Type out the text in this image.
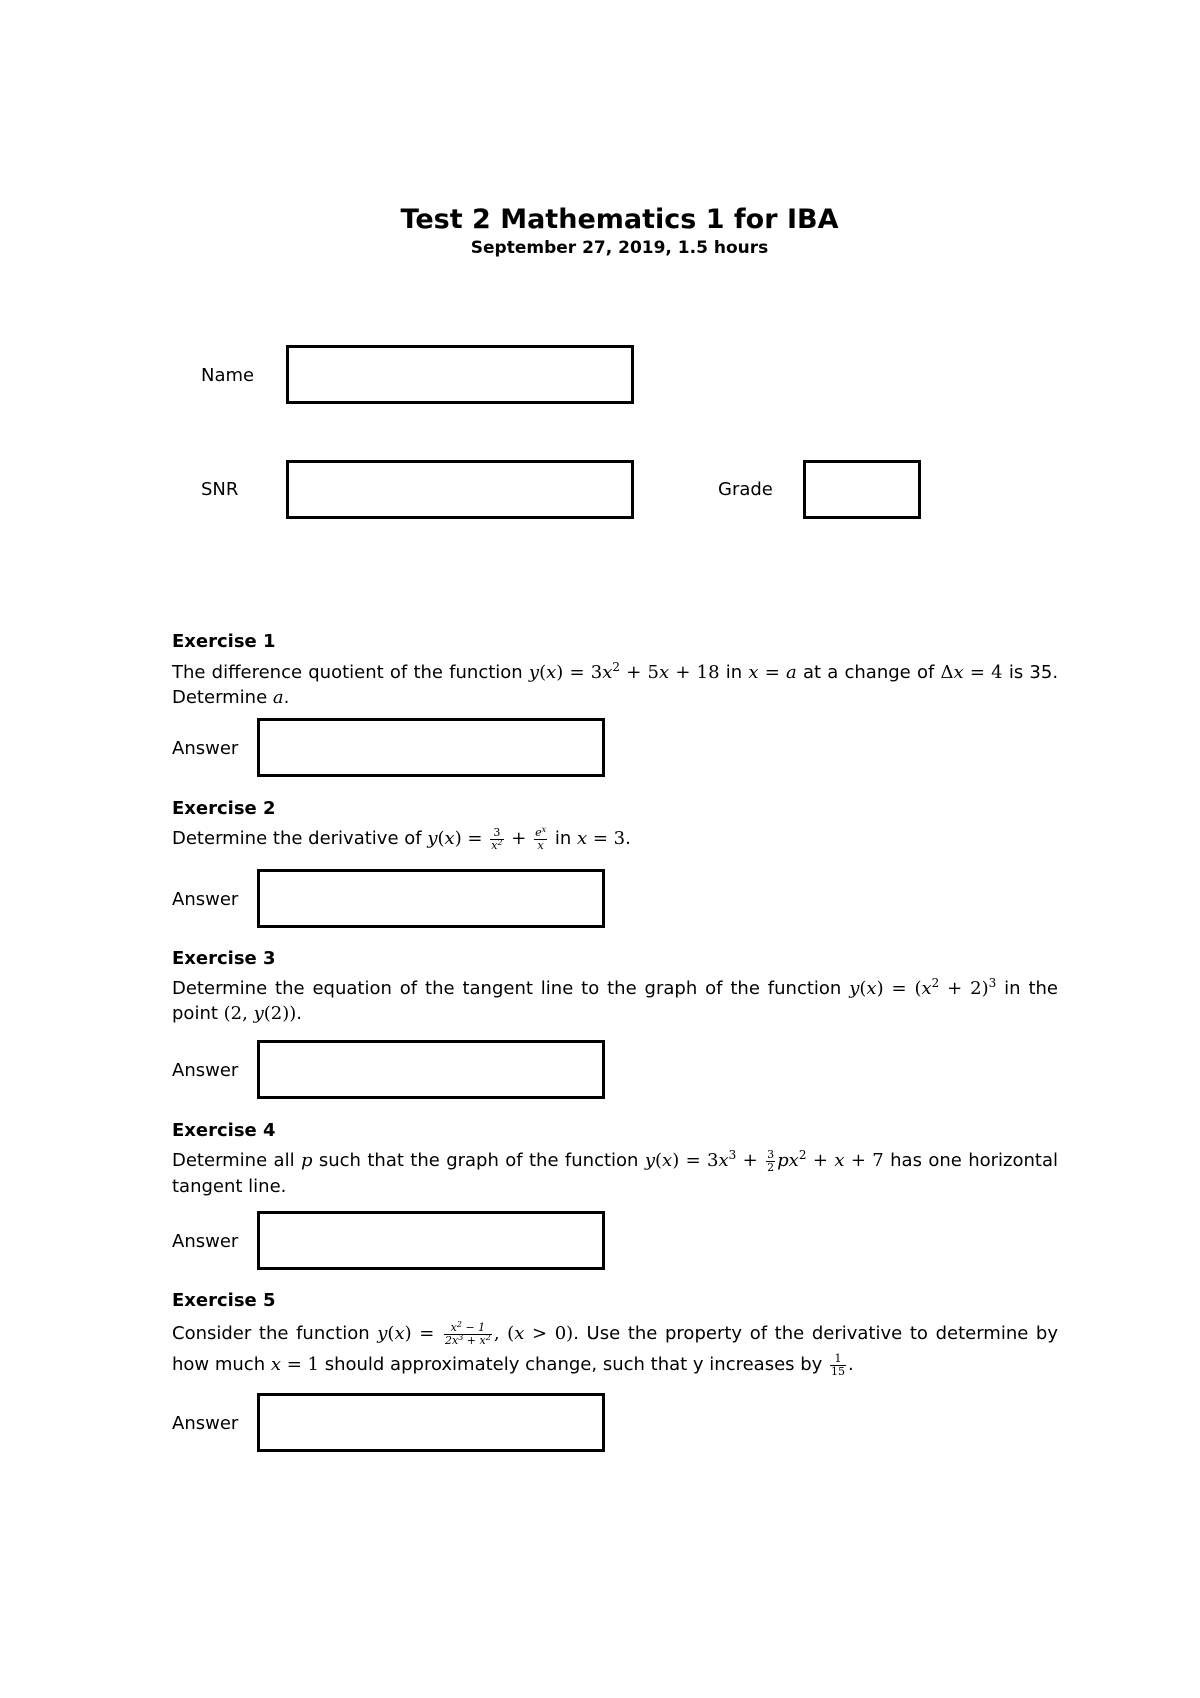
Test 2 Mathematics 1 for IBA
September 27, 2019, 1.5 hours
Name
SNR	Grade
Exercise 1
The difference quotient of the function $y(x) = 3x^2 + 5x + 18$ in x = a at a change of Δx = 4 is 35. Determine a.
Answer
Exercise 2
Determine the derivative of $y(x) = \frac{3}{x^2} + \frac{e^x}{x}$ in x = 3.
Answer
Exercise 3
Determine the equation of the tangent line to the graph of the function $y(x) = (x^2 + 2)^3$ in the point (2, y(2)).
Answer
Exercise 4
Determine all p such that the graph of the function $y(x) = 3x^3 + \frac{3}{2} px^2 + x + 7$ has one horizontal tangent line.
Answer
Exercise 5
Consider the function $y(x) = \frac{x^2 - 1}{2x^3 + x^2}$ , (x > 0). Use the property of the derivative to determine by how much x = 1 should approximately change, such that y increases by $\frac{1}{15}$ .
Answer
